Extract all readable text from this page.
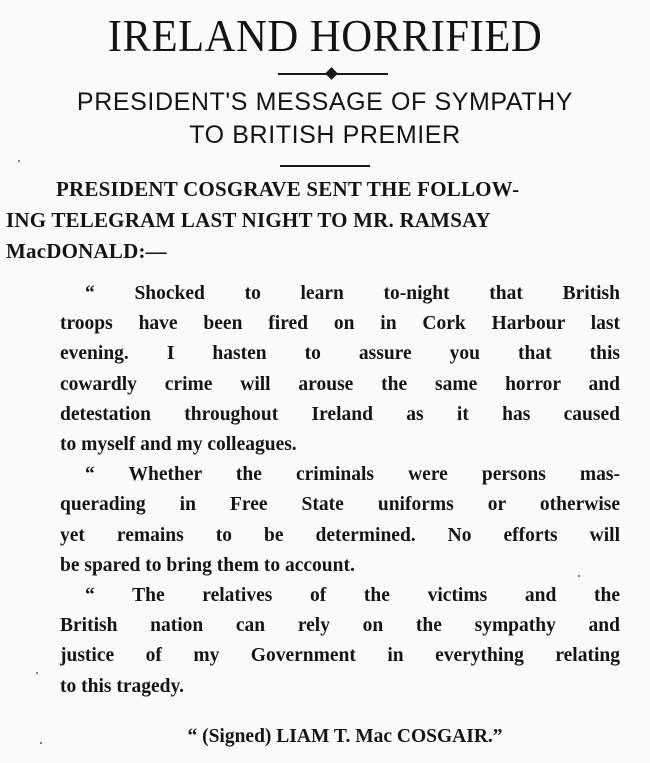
IRELAND HORRIFIED
PRESIDENT'S MESSAGE OF SYMPATHY
TO BRITISH PREMIER
PRESIDENT COSGRAVE SENT THE FOLLOW-
ING TELEGRAM LAST NIGHT TO MR. RAMSAY
MacDONALD:—
“ Shocked to learn to-night that British
troops have been fired on in Cork Harbour last
evening. I hasten to assure you that this
cowardly crime will arouse the same horror and
detestation throughout Ireland as it has caused
to myself and my colleagues.
“ Whether the criminals were persons mas-
querading in Free State uniforms or otherwise
yet remains to be determined. No efforts will
be spared to bring them to account.
“ The relatives of the victims and the
British nation can rely on the sympathy and
justice of my Government in everything relating
to this tragedy.
“ (Signed) LIAM T. Mac COSGAIR.”
